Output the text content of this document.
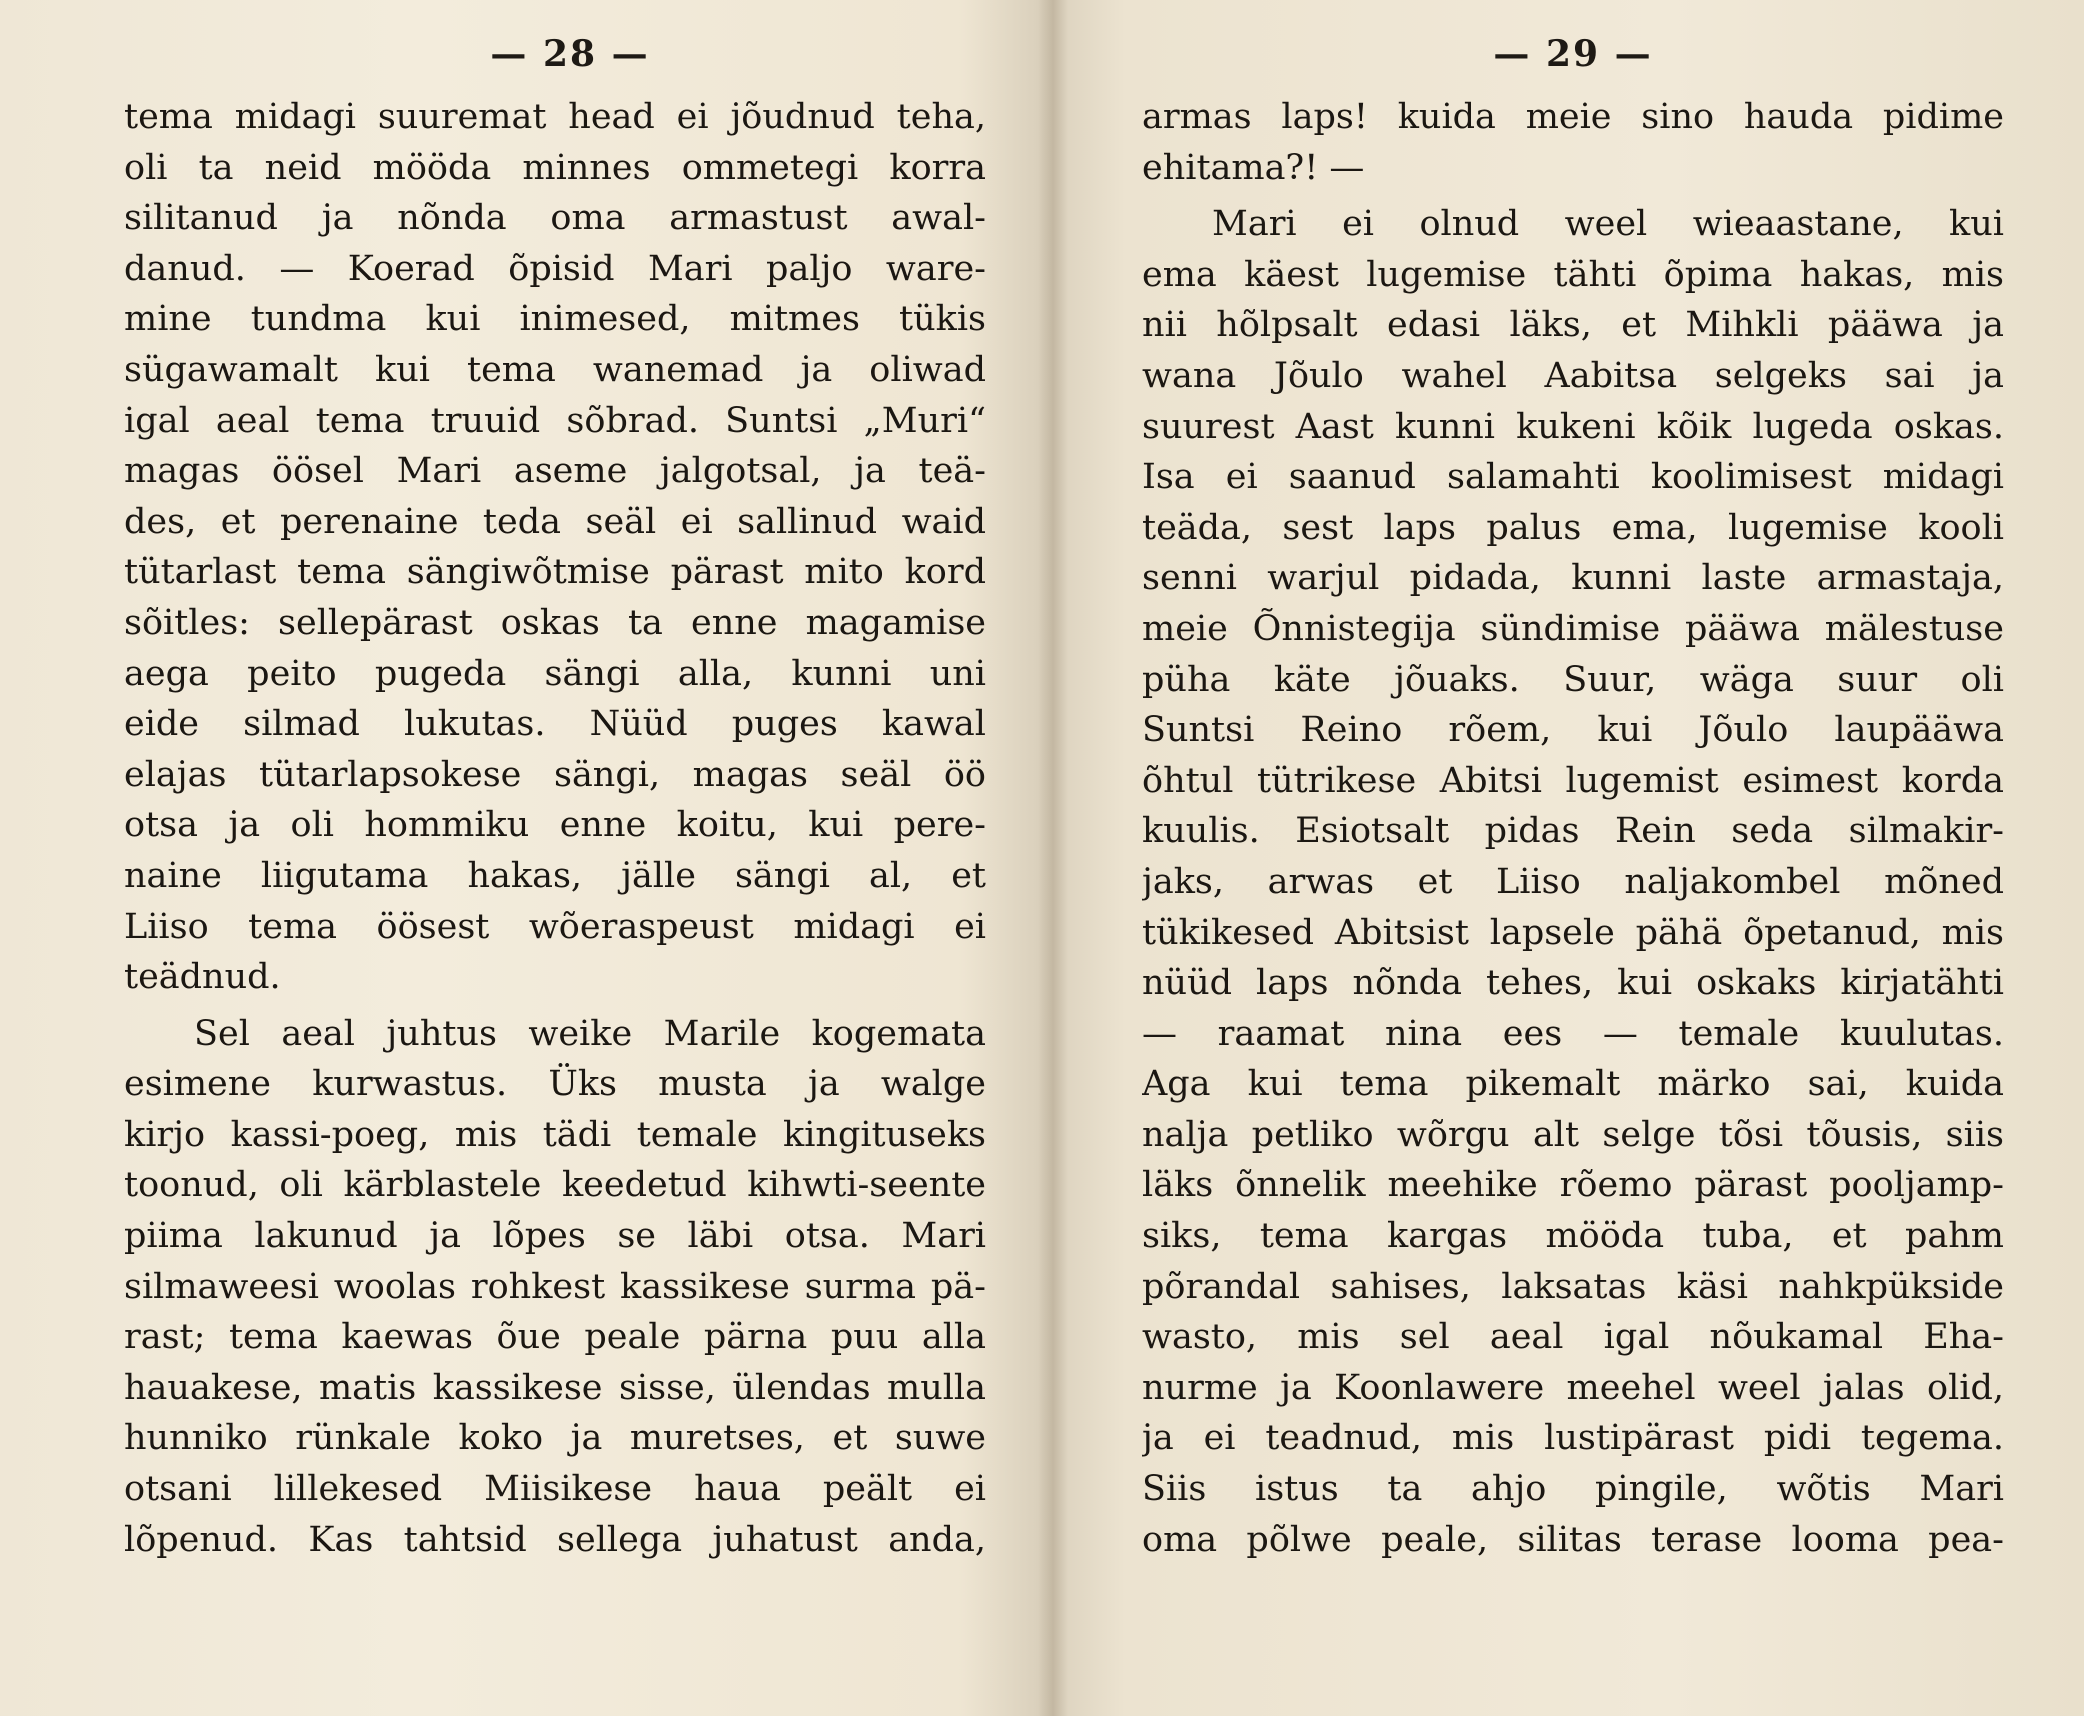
— 28 —
tema midagi suuremat head ei jõudnud teha,
oli ta neid mööda minnes ommetegi korra
silitanud ja nõnda oma armastust awal-
danud. — Koerad õpisid Mari paljo ware-
mine tundma kui inimesed, mitmes tükis
sügawamalt kui tema wanemad ja oliwad
igal aeal tema truuid sõbrad. Suntsi „Muri“
magas öösel Mari aseme jalgotsal, ja teä-
des, et perenaine teda seäl ei sallinud waid
tütarlast tema sängiwõtmise pärast mito kord
sõitles: sellepärast oskas ta enne magamise
aega peito pugeda sängi alla, kunni uni
eide silmad lukutas. Nüüd puges kawal
elajas tütarlapsokese sängi, magas seäl öö
otsa ja oli hommiku enne koitu, kui pere-
naine liigutama hakas, jälle sängi al, et
Liiso tema öösest wõeraspeust midagi ei
teädnud.
Sel aeal juhtus weike Marile kogemata
esimene kurwastus. Üks musta ja walge
kirjo kassi-poeg, mis tädi temale kingituseks
toonud, oli kärblastele keedetud kihwti-seente
piima lakunud ja lõpes se läbi otsa. Mari
silmaweesi woolas rohkest kassikese surma pä-
rast; tema kaewas õue peale pärna puu alla
hauakese, matis kassikese sisse, ülendas mulla
hunniko rünkale koko ja muretses, et suwe
otsani lillekesed Miisikese haua peält ei
lõpenud. Kas tahtsid sellega juhatust anda,
— 29 —
armas laps! kuida meie sino hauda pidime
ehitama?! —
Mari ei olnud weel wieaastane, kui
ema käest lugemise tähti õpima hakas, mis
nii hõlpsalt edasi läks, et Mihkli pääwa ja
wana Jõulo wahel Aabitsa selgeks sai ja
suurest Aast kunni kukeni kõik lugeda oskas.
Isa ei saanud salamahti koolimisest midagi
teäda, sest laps palus ema, lugemise kooli
senni warjul pidada, kunni laste armastaja,
meie Õnnistegija sündimise pääwa mälestuse
püha käte jõuaks. Suur, wäga suur oli
Suntsi Reino rõem, kui Jõulo laupääwa
õhtul tütrikese Abitsi lugemist esimest korda
kuulis. Esiotsalt pidas Rein seda silmakir-
jaks, arwas et Liiso naljakombel mõned
tükikesed Abitsist lapsele pähä õpetanud, mis
nüüd laps nõnda tehes, kui oskaks kirjatähti
— raamat nina ees — temale kuulutas.
Aga kui tema pikemalt märko sai, kuida
nalja petliko wõrgu alt selge tõsi tõusis, siis
läks õnnelik meehike rõemo pärast pooljamp-
siks, tema kargas mööda tuba, et pahm
põrandal sahises, laksatas käsi nahkpükside
wasto, mis sel aeal igal nõukamal Eha-
nurme ja Koonlawere meehel weel jalas olid,
ja ei teadnud, mis lustipärast pidi tegema.
Siis istus ta ahjo pingile, wõtis Mari
oma põlwe peale, silitas terase looma pea-
